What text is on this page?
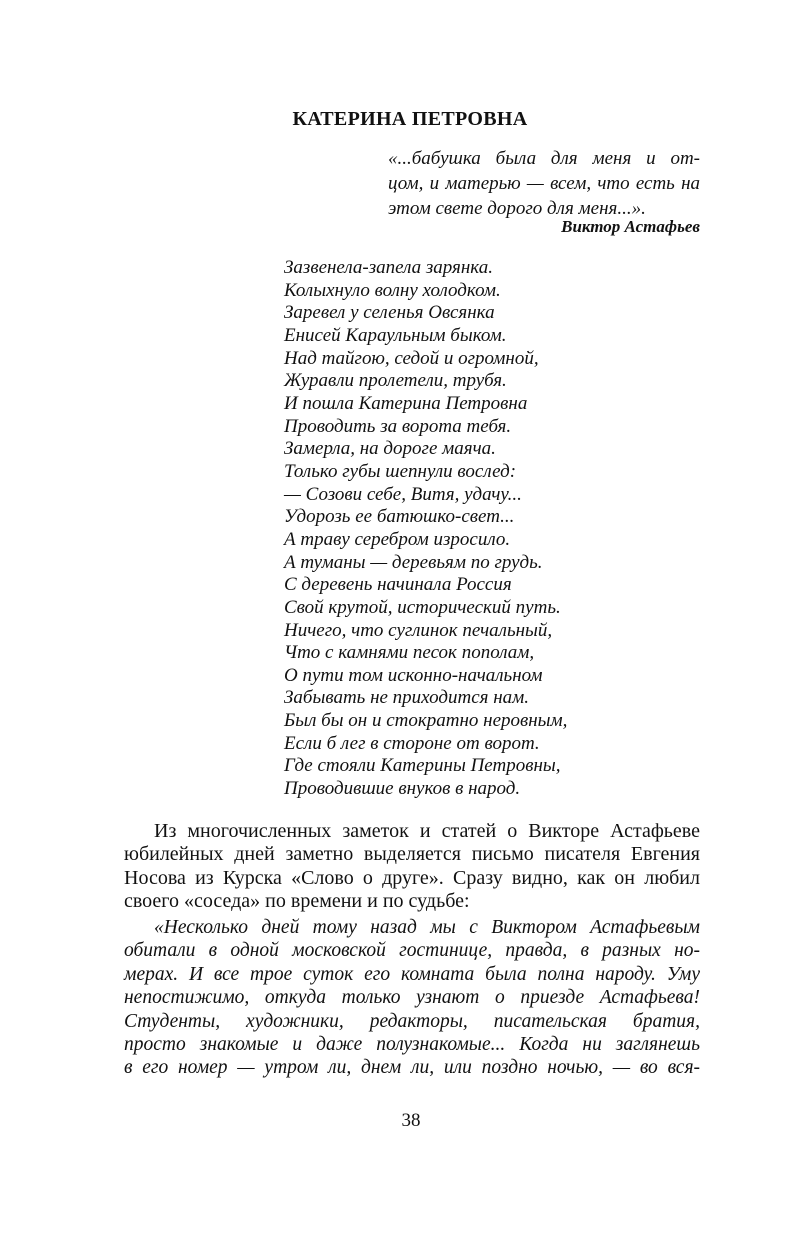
КАТЕРИНА ПЕТРОВНА
«...бабушка была для меня и от-
цом, и матерью — всем, что есть на
этом свете дорого для меня...».
Виктор Астафьев
Зазвенела-запела зарянка.
Колыхнуло волну холодком.
Заревел у селенья Овсянка
Енисей Караульным быком.
Над тайгою, седой и огромной,
Журавли пролетели, трубя.
И пошла Катерина Петровна
Проводить за ворота тебя.
Замерла, на дороге маяча.
Только губы шепнули вослед:
— Созови себе, Витя, удачу...
Удорозь ее батюшко-свет...
А траву серебром изросило.
А туманы — деревьям по грудь.
С деревень начинала Россия
Свой крутой, исторический путь.
Ничего, что суглинок печальный,
Что с камнями песок пополам,
О пути том исконно-начальном
Забывать не приходится нам.
Был бы он и стократно неровным,
Если б лег в стороне от ворот.
Где стояли Катерины Петровны,
Проводившие внуков в народ.
Из многочисленных заметок и статей о Викторе Астафьеве
юбилейных дней заметно выделяется письмо писателя Евгения
Носова из Курска «Слово о друге». Сразу видно, как он любил
своего «соседа» по времени и по судьбе:
«Несколько дней тому назад мы с Виктором Астафьевым
обитали в одной московской гостинице, правда, в разных но-
мерах. И все трое суток его комната была полна народу. Уму
непостижимо, откуда только узнают о приезде Астафьева!
Студенты, художники, редакторы, писательская братия,
просто знакомые и даже полузнакомые... Когда ни заглянешь
в его номер — утром ли, днем ли, или поздно ночью, — во вся-
38
